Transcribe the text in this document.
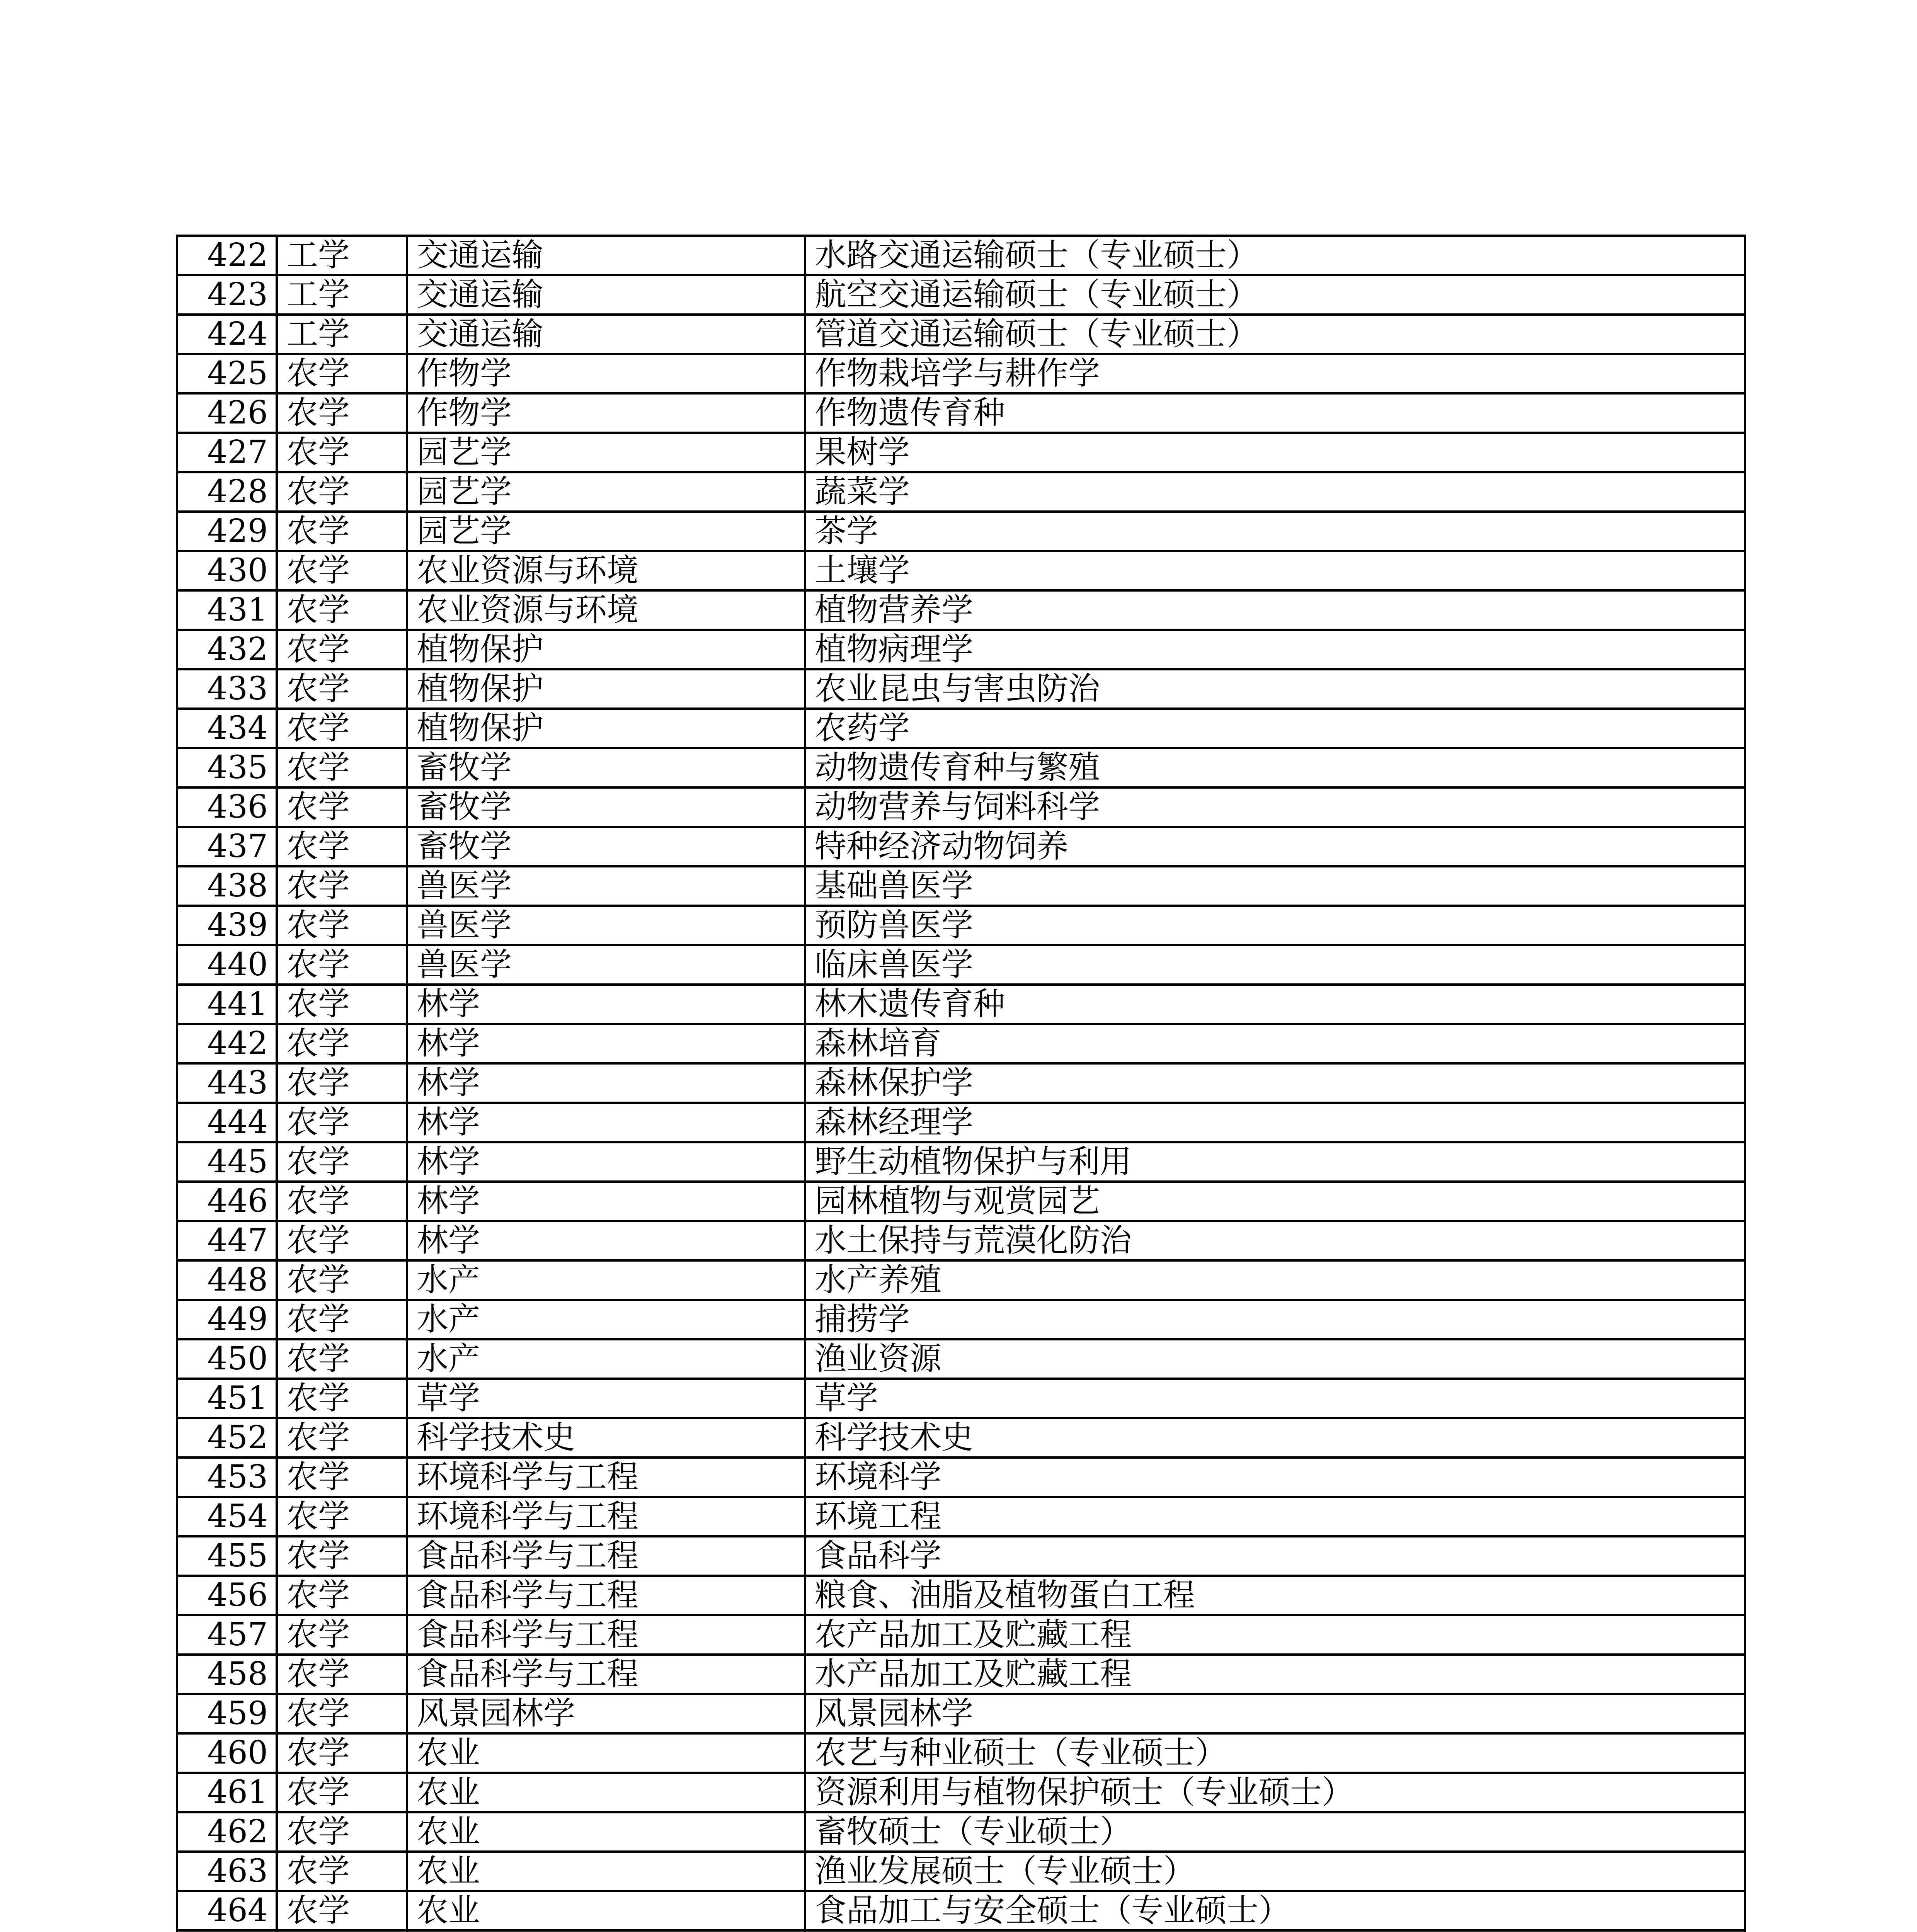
422	工学	交通运输	水路交通运输硕士（专业硕士）
423	工学	交通运输	航空交通运输硕士（专业硕士）
424	工学	交通运输	管道交通运输硕士（专业硕士）
425	农学	作物学	作物栽培学与耕作学
426	农学	作物学	作物遗传育种
427	农学	园艺学	果树学
428	农学	园艺学	蔬菜学
429	农学	园艺学	茶学
430	农学	农业资源与环境	土壤学
431	农学	农业资源与环境	植物营养学
432	农学	植物保护	植物病理学
433	农学	植物保护	农业昆虫与害虫防治
434	农学	植物保护	农药学
435	农学	畜牧学	动物遗传育种与繁殖
436	农学	畜牧学	动物营养与饲料科学
437	农学	畜牧学	特种经济动物饲养
438	农学	兽医学	基础兽医学
439	农学	兽医学	预防兽医学
440	农学	兽医学	临床兽医学
441	农学	林学	林木遗传育种
442	农学	林学	森林培育
443	农学	林学	森林保护学
444	农学	林学	森林经理学
445	农学	林学	野生动植物保护与利用
446	农学	林学	园林植物与观赏园艺
447	农学	林学	水土保持与荒漠化防治
448	农学	水产	水产养殖
449	农学	水产	捕捞学
450	农学	水产	渔业资源
451	农学	草学	草学
452	农学	科学技术史	科学技术史
453	农学	环境科学与工程	环境科学
454	农学	环境科学与工程	环境工程
455	农学	食品科学与工程	食品科学
456	农学	食品科学与工程	粮食、油脂及植物蛋白工程
457	农学	食品科学与工程	农产品加工及贮藏工程
458	农学	食品科学与工程	水产品加工及贮藏工程
459	农学	风景园林学	风景园林学
460	农学	农业	农艺与种业硕士（专业硕士）
461	农学	农业	资源利用与植物保护硕士（专业硕士）
462	农学	农业	畜牧硕士（专业硕士）
463	农学	农业	渔业发展硕士（专业硕士）
464	农学	农业	食品加工与安全硕士（专业硕士）
